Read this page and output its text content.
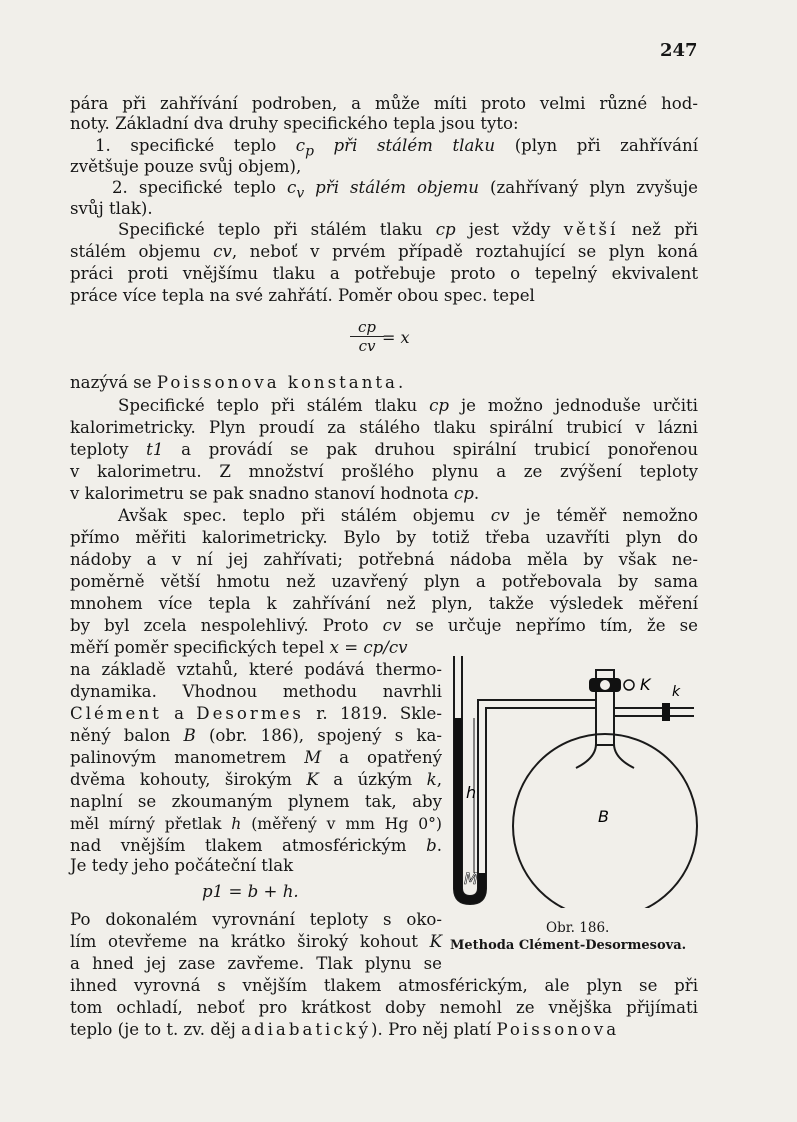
247
pára při zahřívání podroben, a může míti proto velmi různé hod-
noty. Základní dva druhy specifického tepla jsou tyto:
1. specifické teplo $c_p$ při stálém tlaku (plyn při zahřívání
zvětšuje pouze svůj objem),
2. specifické teplo $c_v$ při stálém objemu (zahřívaný plyn zvyšuje
svůj tlak).
Specifické teplo při stálém tlaku cp jest vždy větší než při
stálém objemu cv, neboť v prvém případě roztahující se plyn koná
práci proti vnějšímu tlaku a potřebuje proto o tepelný ekvivalent
práce více tepla na své zahřátí. Poměr obou spec. tepel
$\frac{cp}{cv}$
= x
nazývá se Poissonova konstanta.
Specifické teplo při stálém tlaku cp je možno jednoduše určiti
kalorimetricky. Plyn proudí za stálého tlaku spirální trubicí v lázni
teploty t1 a provádí se pak druhou spirální trubicí ponořenou
v kalorimetru. Z množství prošlého plynu a ze zvýšení teploty
v kalorimetru se pak snadno stanoví hodnota cp.
Avšak spec. teplo při stálém objemu cv je téměř nemožno
přímo měřiti kalorimetricky. Bylo by totiž třeba uzavříti plyn do
nádoby a v ní jej zahřívati; potřebná nádoba měla by však ne-
poměrně větší hmotu než uzavřený plyn a potřebovala by sama
mnohem více tepla k zahřívání než plyn, takže výsledek měření
by byl zcela nespolehlivý. Proto cv se určuje nepřímo tím, že se
měří poměr specifických tepel x = cp/cv
na základě vztahů, které podává thermo-
dynamika. Vhodnou methodu navrhli
Clément a Desormes r. 1819. Skle-
něný balon B (obr. 186), spojený s ka-
palinovým manometrem M a opatřený
dvěma kohouty, širokým K a úzkým k,
naplní se zkoumaným plynem tak, aby
měl mírný přetlak h (měřený v mm Hg 0°)
nad vnějším tlakem atmosférickým b.
Je tedy jeho počáteční tlak
p1 = b + h.
Po dokonalém vyrovnání teploty s oko-
lím otevřeme na krátko široký kohout K
a hned jej zase zavřeme. Tlak plynu se
K k
h
B
M
Obr. 186.
Methoda Clément-Desormesova.
ihned vyrovná s vnějším tlakem atmosférickým, ale plyn se při
tom ochladí, neboť pro krátkost doby nemohl ze vnějška přijímati
teplo (je to t. zv. děj adiabatický). Pro něj platí Poissonova
